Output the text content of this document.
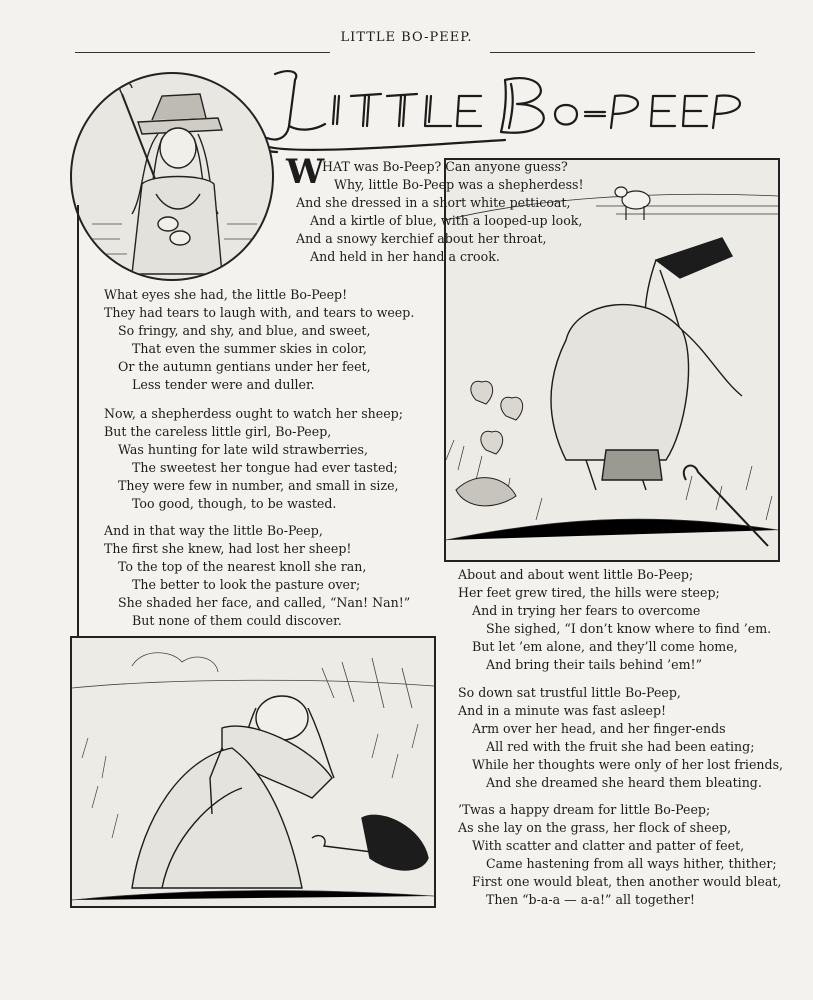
LITTLE BO-PEEP.
W
HAT was Bo-Peep? Can anyone guess?
Why, little Bo-Peep was a shepherdess!
And she dressed in a short white petticoat,
And a kirtle of blue, with a looped-up look,
And a snowy kerchief about her throat,
And held in her hand a crook.
What eyes she had, the little Bo-Peep!
They had tears to laugh with, and tears to weep.
So fringy, and shy, and blue, and sweet,
That even the summer skies in color,
Or the autumn gentians under her feet,
Less tender were and duller.
Now, a shepherdess ought to watch her sheep;
But the careless little girl, Bo-Peep,
Was hunting for late wild strawberries,
The sweetest her tongue had ever tasted;
They were few in number, and small in size,
Too good, though, to be wasted.
And in that way the little Bo-Peep,
The first she knew, had lost her sheep!
To the top of the nearest knoll she ran,
The better to look the pasture over;
She shaded her face, and called, “Nan! Nan!”
But none of them could discover.
About and about went little Bo-Peep;
Her feet grew tired, the hills were steep;
And in trying her fears to overcome
She sighed, “I don’t know where to find ’em.
But let ’em alone, and they’ll come home,
And bring their tails behind ’em!”
So down sat trustful little Bo-Peep,
And in a minute was fast asleep!
Arm over her head, and her finger-ends
All red with the fruit she had been eating;
While her thoughts were only of her lost friends,
And she dreamed she heard them bleating.
’Twas a happy dream for little Bo-Peep;
As she lay on the grass, her flock of sheep,
With scatter and clatter and patter of feet,
Came hastening from all ways hither, thither;
First one would bleat, then another would bleat,
Then “b-a-a — a-a!” all together!
